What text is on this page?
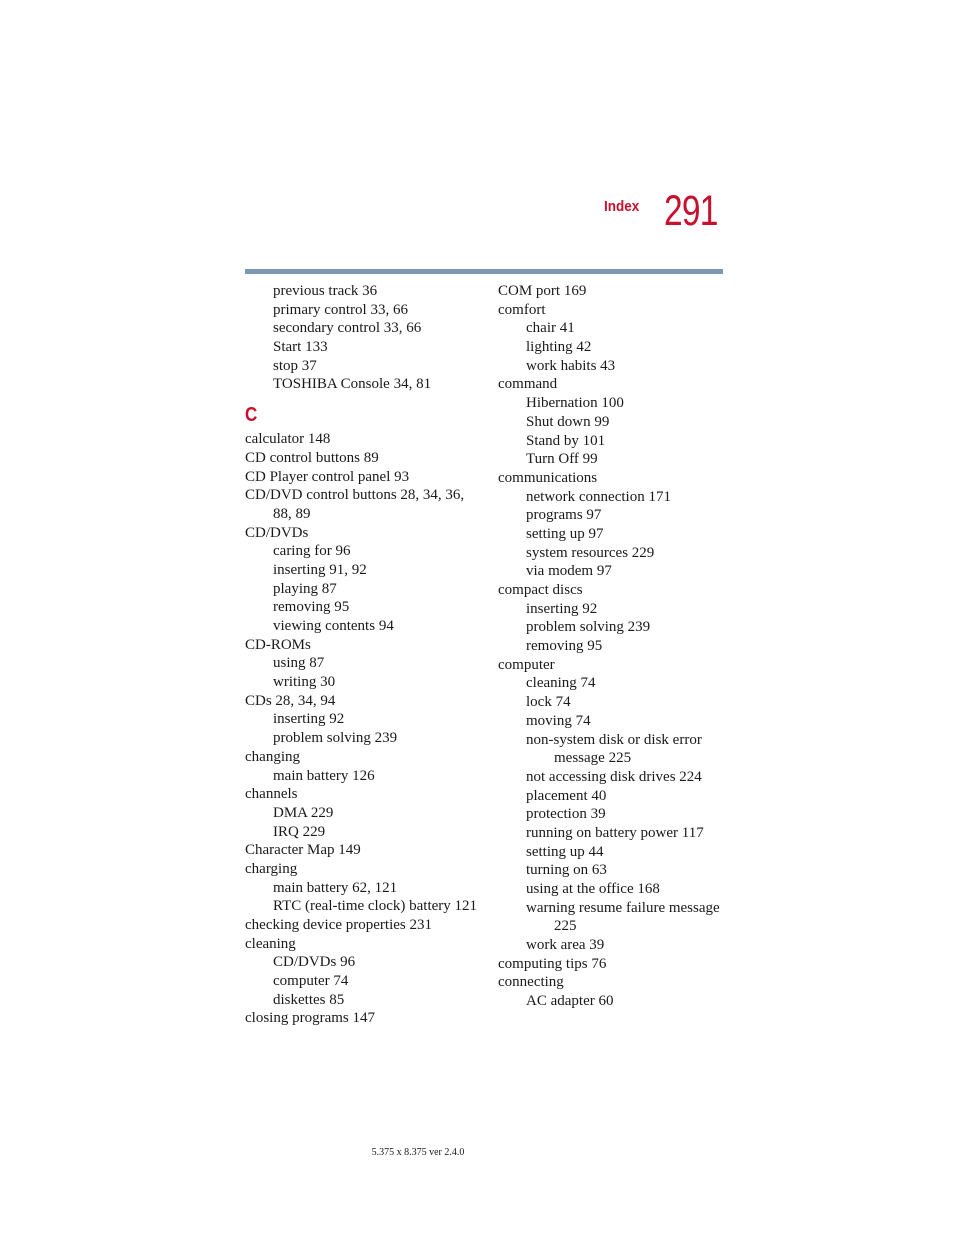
Index 291
previous track 36
primary control 33, 66
secondary control 33, 66
Start 133
stop 37
TOSHIBA Console 34, 81
C
calculator 148
CD control buttons 89
CD Player control panel 93
CD/DVD control buttons 28, 34, 36,
88, 89
CD/DVDs
caring for 96
inserting 91, 92
playing 87
removing 95
viewing contents 94
CD-ROMs
using 87
writing 30
CDs 28, 34, 94
inserting 92
problem solving 239
changing
main battery 126
channels
DMA 229
IRQ 229
Character Map 149
charging
main battery 62, 121
RTC (real-time clock) battery 121
checking device properties 231
cleaning
CD/DVDs 96
computer 74
diskettes 85
closing programs 147
COM port 169
comfort
chair 41
lighting 42
work habits 43
command
Hibernation 100
Shut down 99
Stand by 101
Turn Off 99
communications
network connection 171
programs 97
setting up 97
system resources 229
via modem 97
compact discs
inserting 92
problem solving 239
removing 95
computer
cleaning 74
lock 74
moving 74
non-system disk or disk error
message 225
not accessing disk drives 224
placement 40
protection 39
running on battery power 117
setting up 44
turning on 63
using at the office 168
warning resume failure message
225
work area 39
computing tips 76
connecting
AC adapter 60
5.375 x 8.375 ver 2.4.0
